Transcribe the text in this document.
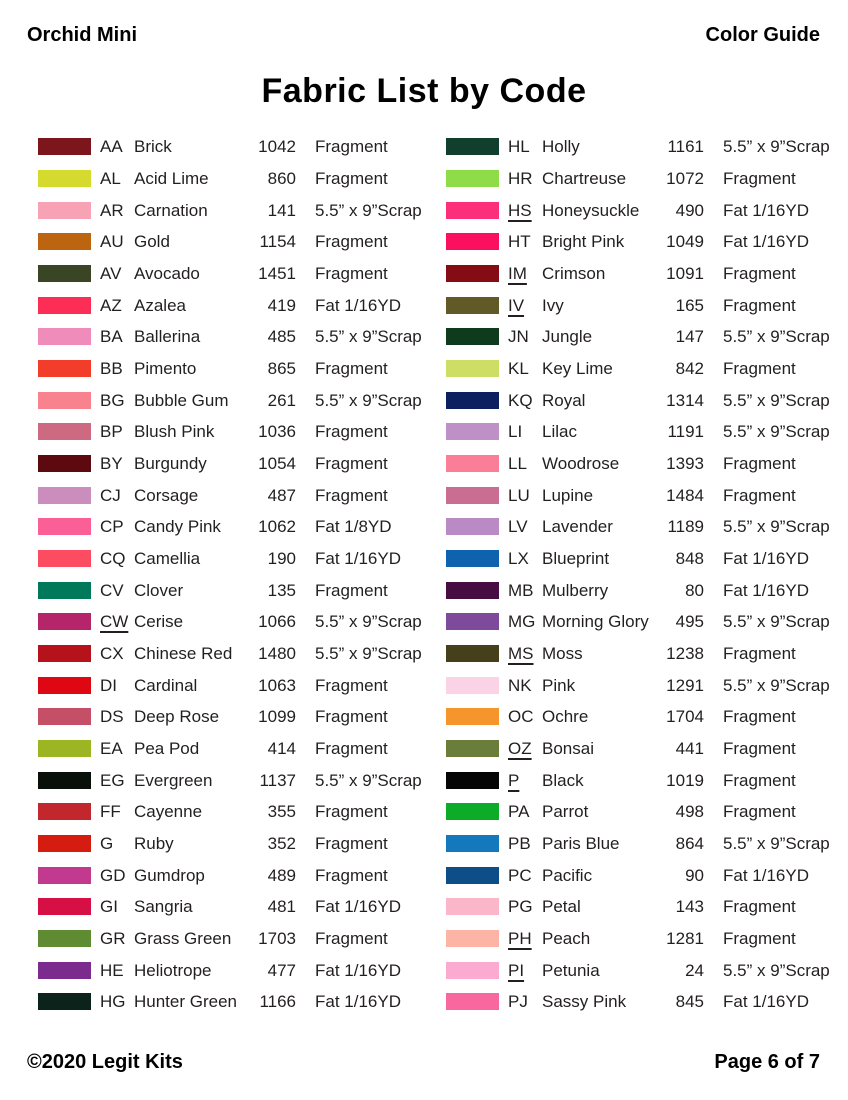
Orchid Mini	Color Guide
Fabric List by Code
AA Brick	1042 Fragment
AL Acid Lime	860 Fragment
AR Carnation	141 5.5” x 9”Scrap
AU Gold	1154 Fragment
AV Avocado	1451 Fragment
AZ Azalea	419 Fat 1/16YD
BA Ballerina	485 5.5” x 9”Scrap
BB Pimento	865 Fragment
BG Bubble Gum	261 5.5” x 9”Scrap
BP Blush Pink	1036 Fragment
BY Burgundy	1054 Fragment
CJ Corsage	487 Fragment
CP Candy Pink	1062 Fat 1/8YD
CQ Camellia	190 Fat 1/16YD
CV Clover	135 Fragment
CW Cerise	1066 5.5” x 9”Scrap
CX Chinese Red	1480 5.5” x 9”Scrap
DI	Cardinal	1063 Fragment
DS Deep Rose	1099 Fragment
EA Pea Pod	414 Fragment
EG Evergreen	1137 5.5” x 9”Scrap
FF Cayenne	355 Fragment
G	Ruby	352 Fragment
GD Gumdrop	489 Fragment
GI Sangria	481 Fat 1/16YD
GR Grass Green	1703 Fragment
HE Heliotrope	477 Fat 1/16YD
HG Hunter Green	1166 Fat 1/16YD
HL Holly	1161 5.5” x 9”Scrap
HR Chartreuse	1072 Fragment
HS Honeysuckle	490 Fat 1/16YD
HT Bright Pink	1049 Fat 1/16YD
IM Crimson	1091 Fragment
IV	Ivy	165 Fragment
JN Jungle	147 5.5” x 9”Scrap
KL Key Lime	842 Fragment
KQ Royal	1314 5.5” x 9”Scrap
LI	Lilac	1191 5.5” x 9”Scrap
LL Woodrose	1393 Fragment
LU Lupine	1484 Fragment
LV Lavender	1189 5.5” x 9”Scrap
LX Blueprint	848 Fat 1/16YD
MB Mulberry	80 Fat 1/16YD
MG Morning Glory	495 5.5” x 9”Scrap
MS Moss	1238 Fragment
NK Pink	1291 5.5” x 9”Scrap
OC Ochre	1704 Fragment
OZ Bonsai	441 Fragment
P	Black	1019 Fragment
PA Parrot	498 Fragment
PB Paris Blue	864 5.5” x 9”Scrap
PC Pacific	90 Fat 1/16YD
PG Petal	143 Fragment
PH Peach	1281 Fragment
PI	Petunia	24 5.5” x 9”Scrap
PJ Sassy Pink	845 Fat 1/16YD
©2020 Legit Kits	Page 6 of 7
